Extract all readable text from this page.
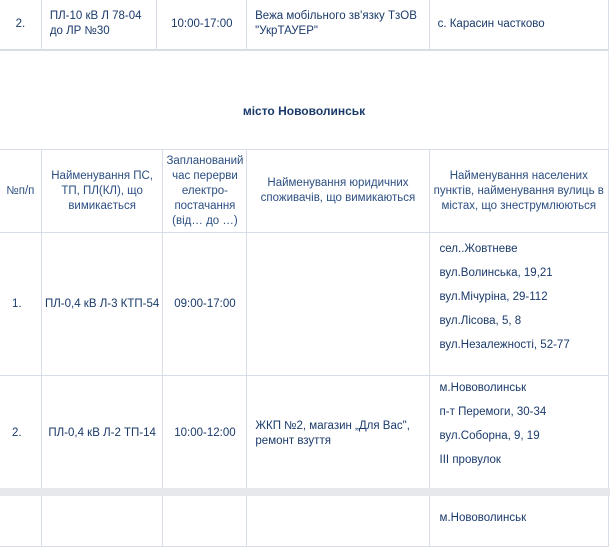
2.	ПЛ-10 кВ Л 78-04 до ЛР №30	10:00-17:00	Вежа мобільного зв'язку ТзОВ "УкрТАУЕР"	с. Карасин частково
місто Нововолинськ				
№п/п	Найменування ПС, ТП, ПЛ(КЛ), що вимикається	Запланований час перерви електро-постачання (від… до …)	Найменування юридичних споживачів, що вимикаються	Найменування населених пунктів, найменування вулиць в містах, що знеструмлюються
1.	ПЛ-0,4 кВ Л-3 КТП-54	09:00-17:00		сел..Жовтневе
вул.Волинська, 19,21
вул.Мічуріна, 29-112
вул.Лісова, 5, 8
вул.Незалежності, 52-77

2.	ПЛ-0,4 кВ Л-2 ТП-14	10:00-12:00	ЖКП №2, магазин „Для Вас", ремонт взуття	м.Нововолинськ
п-т Перемоги, 30-34
вул.Соборна, 9, 19
ІІІ провулок

				м.Нововолинськ
